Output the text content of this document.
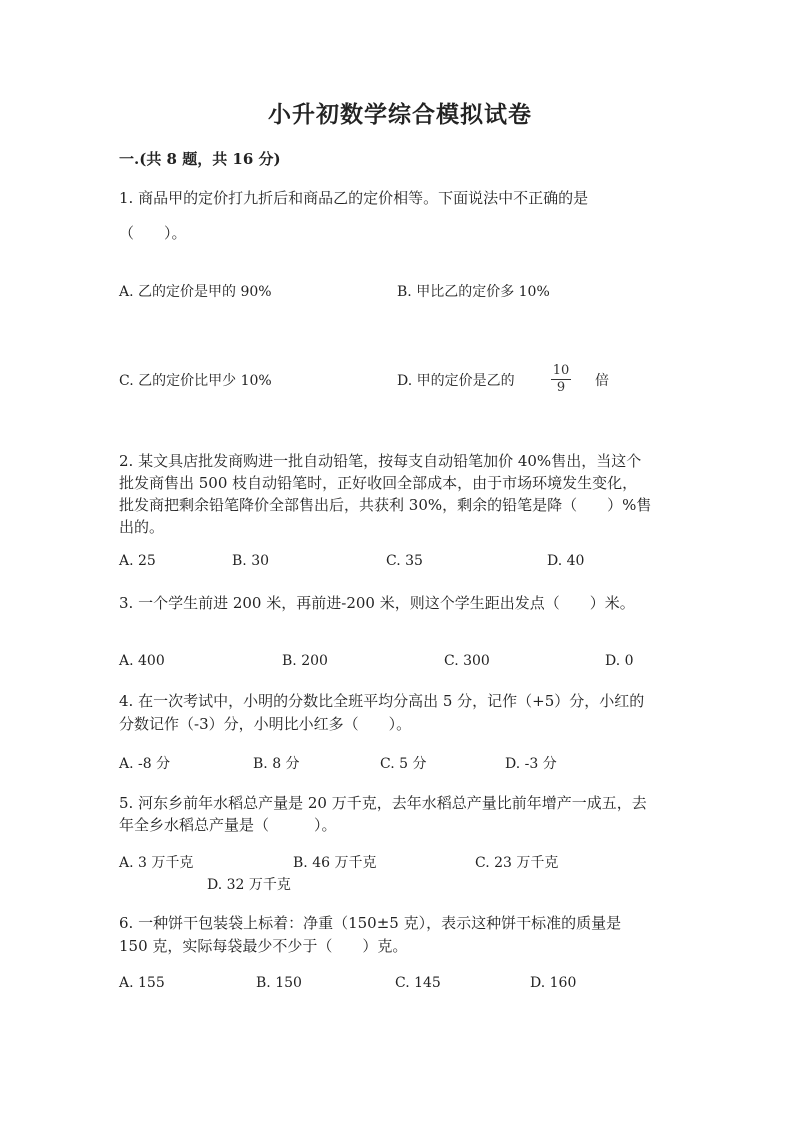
小升初数学综合模拟试卷
一.(共 8 题，共 16 分)
1. 商品甲的定价打九折后和商品乙的定价相等。下面说法中不正确的是
（　　）。
A. 乙的定价是甲的 90%	B. 甲比乙的定价多 10%
C. 乙的定价比甲少 10%	D. 甲的定价是乙的
10
9	倍
2. 某文具店批发商购进一批自动铅笔，按每支自动铅笔加价 40%售出，当这个
批发商售出 500 枝自动铅笔时，正好收回全部成本，由于市场环境发生变化，
批发商把剩余铅笔降价全部售出后，共获利 30%，剩余的铅笔是降（　　）%售
出的。
A. 25	B. 30	C. 35	D. 40
3. 一个学生前进 200 米，再前进-200 米，则这个学生距出发点（　　）米。
A. 400	B. 200	C. 300	D. 0
4. 在一次考试中，小明的分数比全班平均分高出 5 分，记作（+5）分，小红的
分数记作（-3）分，小明比小红多（　　）。
A. -8 分	B. 8 分	C. 5 分	D. -3 分
5. 河东乡前年水稻总产量是 20 万千克，去年水稻总产量比前年增产一成五，去
年全乡水稻总产量是（　　　）。
A. 3 万千克	B. 46 万千克	C. 23 万千克
D. 32 万千克
6. 一种饼干包装袋上标着：净重（150±5 克），表示这种饼干标准的质量是
150 克，实际每袋最少不少于（　　）克。
A. 155	B. 150	C. 145	D. 160
